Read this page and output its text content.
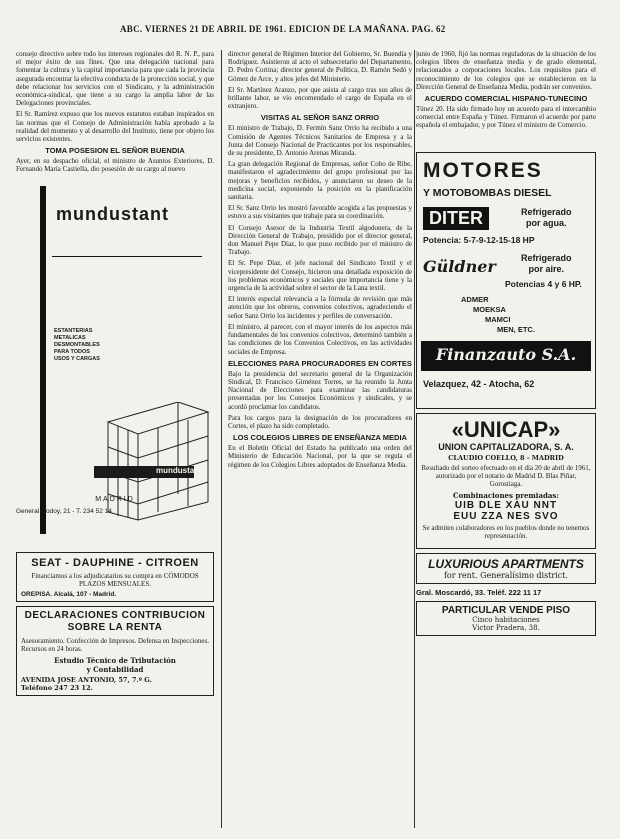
ABC. VIERNES 21 DE ABRIL DE 1961. EDICION DE LA MAÑANA. PAG. 62

consejo directivo sobre todo los intereses regionales del R. N. P., para el mejor éxito de sus fines. Que una delegación nacional para fomentar la cultura y la capital importancia para que cada la provincia asegurada encontrar la efectiva conducta de la protección social, y que debe relacionar los servicios con el Sindicato, y la administración económica-sindical, que tiene a su cargo la amplia labor de las Delegaciones provinciales.

El Sr. Ramírez expuso que los nuevos estatutos estaban inspirados en las normas que el Consejo de Administración había aprobado a la realidad del momento y al desarrollo del Instituto, tiene por objeto los servicios existentes.

TOMA POSESION EL SEÑOR BUENDIA

Ayer, en su despacho oficial, el ministro de Asuntos Exteriores, D. Fernando María Castiella, dio posesión de su cargo al nuevo

mundustant
ESTANTERIAS
METALICAS
DESMONTABLES
PARA TODOS
USOS Y CARGAS
mundustant
MADRID
General Godoy, 21 - T. 234 52 14
SEAT - DAUPHINE - CITROEN

Financiamos a los adjudicatarios su compra en CÓMODOS PLAZOS MENSUALES.

OREPISA. Alcalá, 107 - Madrid.
DECLARACIONES CONTRIBUCION
SOBRE LA RENTA

Asesoramiento. Confección de Impresos. Defensa en Inspecciones. Recursos en 24 horas.

Estudio Técnico de Tributación
y Contabilidad
AVENIDA JOSE ANTONIO, 57, 7.º G.
Teléfono 247 23 12.

director general de Régimen Interior del Gobierno, Sr. Buendía y Rodríguez. Asistieron al acto el subsecretario del Departamento, D. Pedro Cortina; director general de Política, D. Ramón Sedó y Gómez de Arce, y altos jefes del Ministerio.

El Sr. Martínez Aranzo, por que asista al cargo tras sus años de brillante labor, se vio encomendado el cargo de España en el extranjero.

VISITAS AL SEÑOR SANZ ORRIO

El ministro de Trabajo, D. Fermín Sanz Orrio ha recibido a una Comisión de Agentes Técnicos Sanitarios de Empresa y a la Junta del Consejo Nacional de Practicantes por los responsables, de su presidente, D. Antonio Arenas Miranda.

La gran delegación Regional de Empresas, señor Cobo de Ribe, manifestaron el agradecimiento del grupo profesional por las mejoras y beneficios recibidos, y anunciaron su deseo de la medicina social, exponiendo la posición en la planificación sanitaria.

El Sr. Sanz Orrio les mostró favorable acogida a las propuestas y estuvo a sus visitantes que trabaje para su coordinación.

El Consejo Asesor de la Industria Textil algodonera, de la Dirección General de Trabajo, presidido por el director general, don Manuel Pepe Díaz, lo que puso recibido por el ministro de Trabajo.

El Sr. Pepe Díaz, el jefe nacional del Sindicato Textil y el vicepresidente del Consejo, hicieron una detallada exposición de los problemas económicos y sociales que importancia tiene y la urgencia de la actividad sobre el sector de la Lana textil.

El interés especial relevancia a la fórmula de revisión que más atención que los obreros, convenios colectivos, agradeciendo el señor Sanz Orrio los incidentes y perfiles de conversación.

El ministro, al parecer, con el mayor interés de los aspectos más fundamentales de los convenios colectivos, determinó también a las condiciones de los Convenios Colectivos, en las actividades sociales de Empresa.

ELECCIONES PARA PROCURADORES EN CORTES

Bajo la presidencia del secretario general de la Organización Sindical, D. Francisco Giménez Torres, se ha reunido la Junta Nacional de Elecciones para examinar las candidaturas presentadas por los Consejos Económicos y sindicales, y se acordó proclamar los candidatos.

Para los cargos para la designación de los procuradores en Cortes, el plazo ha sido completado.

LOS COLEGIOS LIBRES DE ENSEÑANZA MEDIA

En el Boletín Oficial del Estado ha publicado una orden del Ministerio de Educación Nacional, por la que se regula el régimen de los Colegios Libres adoptados de Enseñanza Media.

junio de 1960, fijó las normas reguladoras de la situación de los colegios libres de enseñanza media y de grado elemental, relacionados a corporaciones locales. Los requisitos para el reconocimiento de los colegios que se establecieron en la Dirección General de Enseñanza Media, podrán ser convenios.

ACUERDO COMERCIAL HISPANO-TUNECINO

Túnez 20. Ha sido firmado hoy un acuerdo para el intercambio comercial entre España y Túnez. Firmaron el acuerdo por parte española el embajador, y por Túnez el ministro de Comercio.

MOTORES
Y MOTOBOMBAS DIESEL
DITER	Refrigerado
por agua.
Potencia: 5-7-9-12-15-18 HP
Güldner	Refrigerado
por aire.
Potencias 4 y 6 HP.
ADMER
MOEKSA
MAMCI
MEN, ETC.
Finanzauto S.A.
Velazquez, 42 - Atocha, 62
«UNICAP»
UNION CAPITALIZADORA, S. A.
CLAUDIO COELLO, 8 - MADRID

Resultado del sorteo efectuado en el día 20 de abril de 1961, autorizado por el notario de Madrid D. Blas Piñar, Gorostiaga.

Combinaciones premiadas:
UIB DLE XAU NNT
EUU ZZA NES SVO

Se admiten colaboradores en los pueblos donde no tenemos representación.

LUXURIOUS APARTMENTS
for rent. Generalísimo district.
Gral. Moscardó, 33. Teléf. 222 11 17
PARTICULAR VENDE PISO
Cinco habitaciones
Victor Pradera, 38.
